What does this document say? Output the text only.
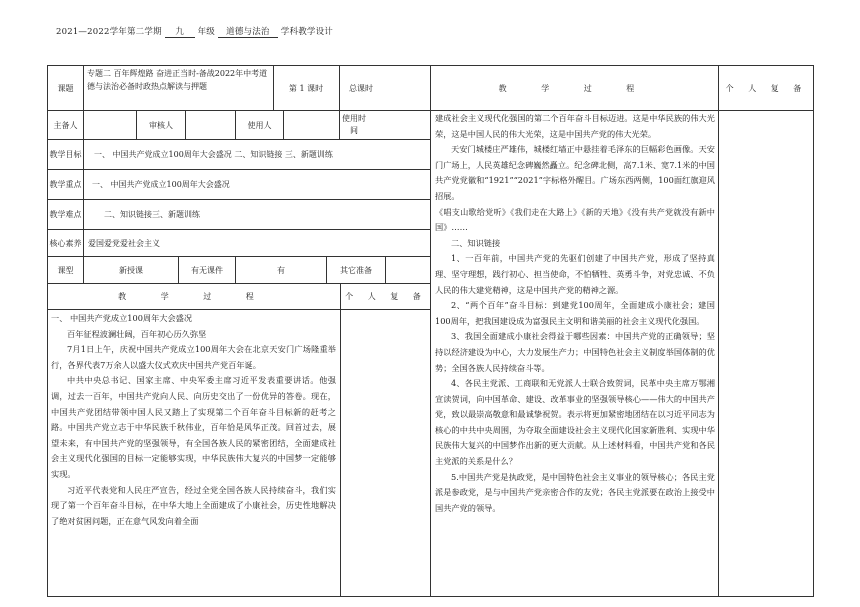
2021—2022学年第二学期 九 年级 道德与法治 学科教学设计
课题
专题二 百年辉煌路 奋进正当时-备战2022年中考道德与法治必备时政热点解读与押题	第 1 课时	总课时	教 学 过 程	个 人 复 备
主备人	审核人	使用人
使用时间
教学目标 一、 中国共产党成立100周年大会盛况 二、知识链接 三、新题训练
教学重点 一、 中国共产党成立100周年大会盛况
教学难点	二、知识链接三、新题训练
核心素养 爱国爱党爱社会主义
课型	新授课	有无课件	有	其它准备
教 学 过 程	个 人 复 备

一、 中国共产党成立100周年大会盛况

百年征程波澜壮阔，百年初心历久弥坚

7月1日上午，庆祝中国共产党成立100周年大会在北京天安门广场隆重举行，各界代表7万余人以盛大仪式欢庆中国共产党百年诞。

中共中央总书记、国家主席、中央军委主席习近平发表重要讲话。他强调，过去一百年，中国共产党向人民、向历史交出了一份优异的答卷。现在，中国共产党团结带领中国人民又踏上了实现第二个百年奋斗目标新的赶考之路。中国共产党立志于中华民族千秋伟业，百年恰是风华正茂。回首过去，展望未来，有中国共产党的坚强领导，有全国各族人民的紧密团结，全面建成社会主义现代化强国的目标一定能够实现，中华民族伟大复兴的中国梦一定能够实现。

习近平代表党和人民庄严宣告，经过全党全国各族人民持续奋斗，我们实现了第一个百年奋斗目标，在中华大地上全面建成了小康社会，历史性地解决了绝对贫困问题，正在意气风发向着全面

建成社会主义现代化强国的第二个百年奋斗目标迈进。这是中华民族的伟大光荣，这是中国人民的伟大光荣，这是中国共产党的伟大光荣。

天安门城楼庄严雄伟，城楼红墙正中悬挂着毛泽东的巨幅彩色画像。天安门广场上，人民英雄纪念碑巍然矗立。纪念碑北侧，高7.1米、宽7.1米的中国共产党党徽和“1921”“2021”字标格外醒目。广场东西两侧，100面红旗迎风招展。

《唱支山歌给党听》《我们走在大路上》《新的天地》《没有共产党就没有新中国》……

二、知识链接

1、一百年前，中国共产党的先驱们创建了中国共产党，形成了坚持真理、坚守理想，践行初心、担当使命，不怕牺牲、英勇斗争，对党忠诚、不负人民的伟大建党精神，这是中国共产党的精神之源。

2、“两个百年”奋斗目标：到建党100周年，全面建成小康社会；建国100周年，把我国建设成为富强民主文明和谐美丽的社会主义现代化强国。

3、我国全面建成小康社会得益于哪些因素：中国共产党的正确领导；坚持以经济建设为中心，大力发展生产力；中国特色社会主义制度举国体制的优势；全国各族人民持续奋斗等。

4、各民主党派、工商联和无党派人士联合致贺词，民革中央主席万鄂湘宣读贺词，向中国革命、建设、改革事业的坚强领导核心——伟大的中国共产党，致以最崇高敬意和最诚挚祝贺。表示将更加紧密地团结在以习近平同志为核心的中共中央周围，为夺取全面建设社会主义现代化国家新胜利、实现中华民族伟大复兴的中国梦作出新的更大贡献。从上述材料看，中国共产党和各民主党派的关系是什么？

5.中国共产党是执政党，是中国特色社会主义事业的领导核心；各民主党派是参政党，是与中国共产党亲密合作的友党；各民主党派要在政治上接受中国共产党的领导。
